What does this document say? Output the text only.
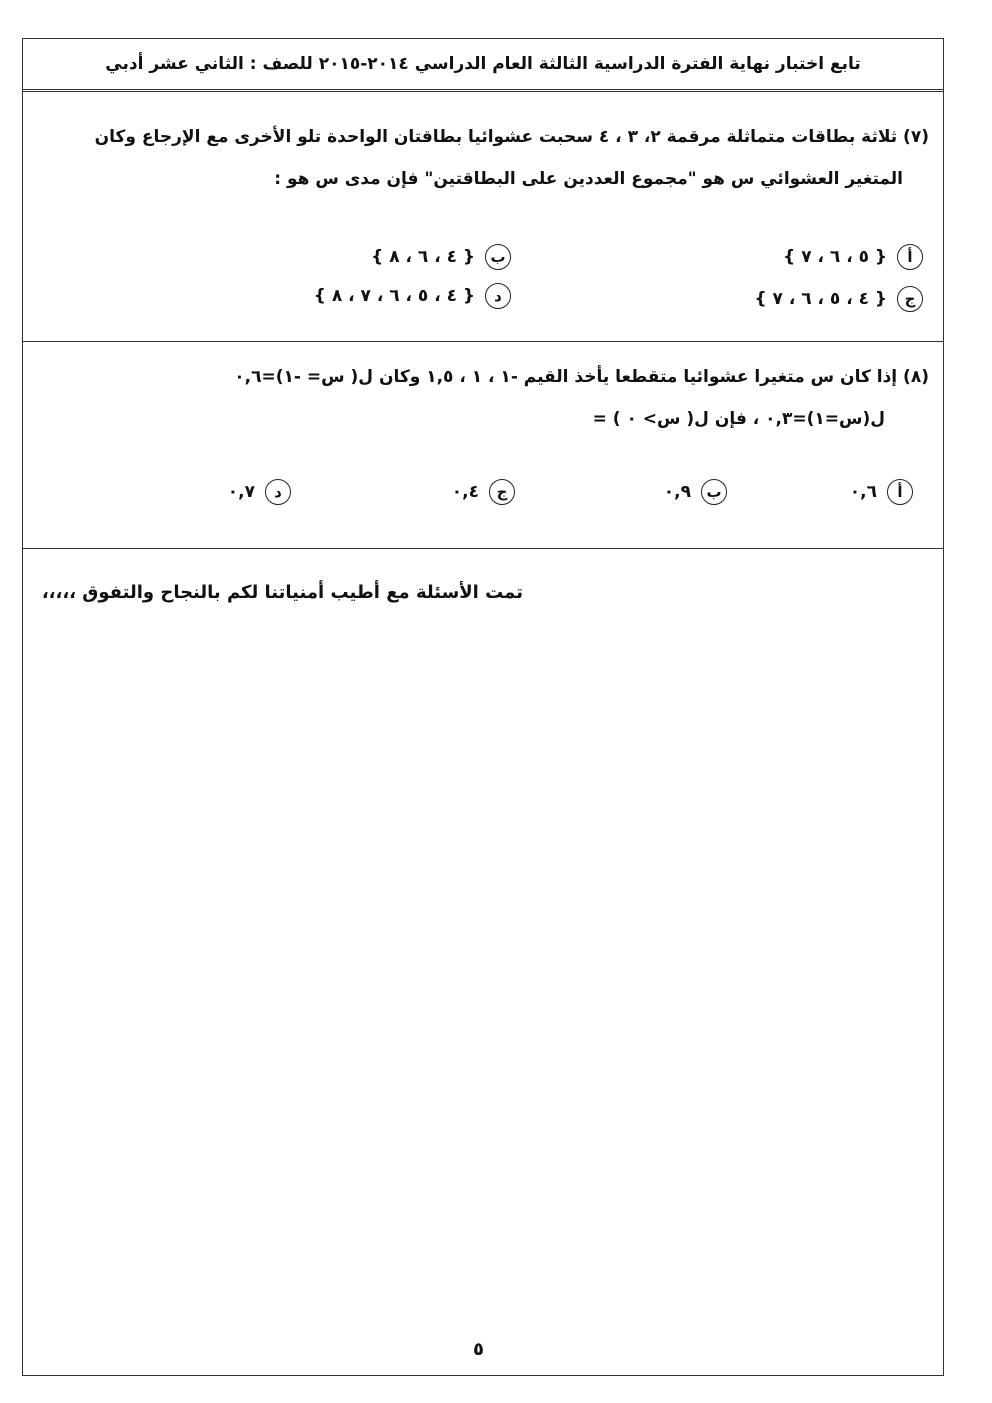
تابع اختبار نهاية الفترة الدراسية الثالثة العام الدراسي ٢٠١٤-٢٠١٥ للصف : الثاني عشر أدبي
(٧) ثلاثة بطاقات متماثلة مرقمة ٢، ٣ ، ٤ سحبت عشوائيا بطاقتان الواحدة تلو الأخرى مع الإرجاع وكان
المتغير العشوائي س هو "مجموع العددين على البطاقتين" فإن مدى س هو :
أ
{ ٥ ، ٦ ، ٧ }
ب
{ ٤ ، ٦ ، ٨ }
ج
{ ٤ ، ٥ ، ٦ ، ٧ }
د
{ ٤ ، ٥ ، ٦ ، ٧ ، ٨ }
(٨) إذا كان س متغيرا عشوائيا متقطعا يأخذ القيم -١ ، ١ ، ١,٥ وكان ل( س= -١)=٠,٦
ل(س=١)=٠,٣ ، فإن ل( س> ٠ ) =
أ
٠,٦
ب
٠,٩
ج
٠,٤
د
٠,٧
تمت الأسئلة مع أطيب أمنياتنا لكم بالنجاح والتفوق ،،،،،
٥
